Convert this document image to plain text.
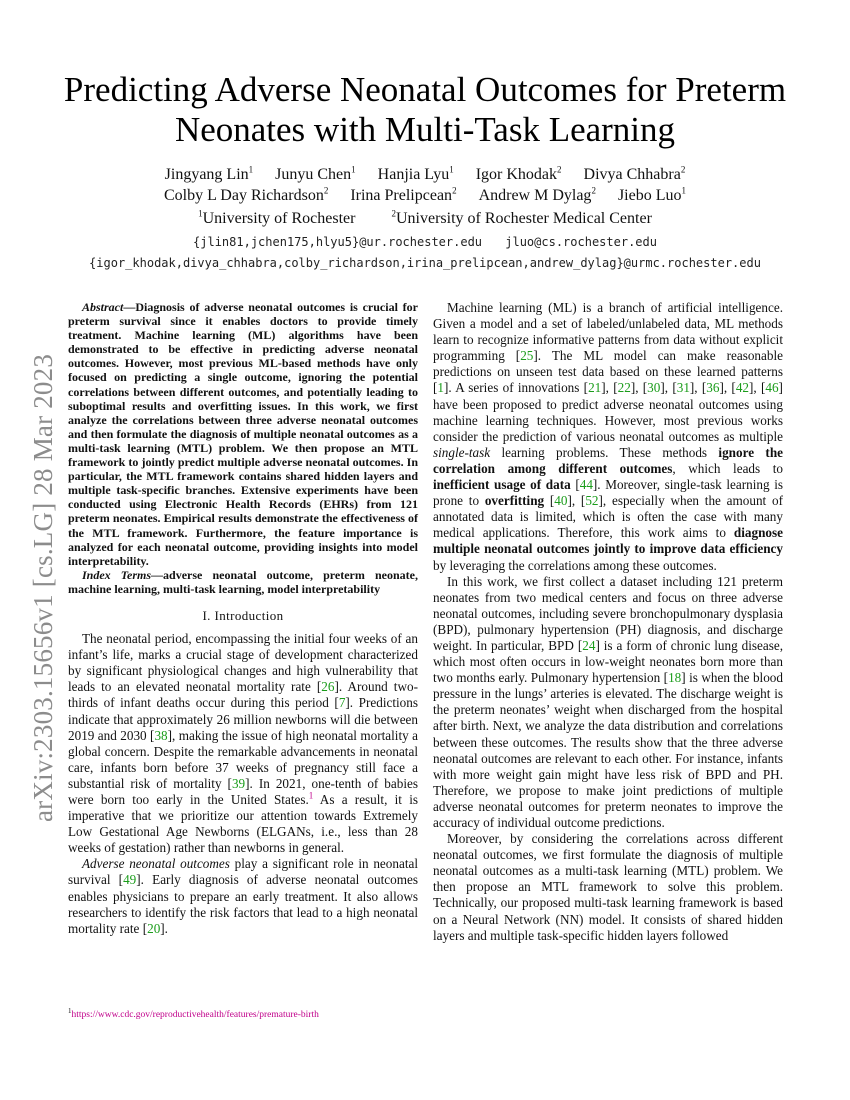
arXiv:2303.15656v1 [cs.LG] 28 Mar 2023
Predicting Adverse Neonatal Outcomes for Preterm Neonates with Multi-Task Learning
Jingyang Lin$^1$ Junyu Chen$^1$ Hanjia Lyu$^1$ Igor Khodak$^2$ Divya Chhabra$^2$
Colby L Day Richardson$^2$ Irina Prelipcean$^2$ Andrew M Dylag$^2$ Jiebo Luo$^1$
$^1$University of Rochester	$^2$University of Rochester Medical Center
{jlin81,jchen175,hlyu5}@ur.rochester.edu jluo@cs.rochester.edu
{igor_khodak,divya_chhabra,colby_richardson,irina_prelipcean,andrew_dylag}@urmc.rochester.edu

Abstract—Diagnosis of adverse neonatal outcomes is crucial for preterm survival since it enables doctors to provide timely treatment. Machine learning (ML) algorithms have been demonstrated to be effective in predicting adverse neonatal outcomes. However, most previous ML-based methods have only focused on predicting a single outcome, ignoring the potential correlations between different outcomes, and potentially leading to suboptimal results and overfitting issues. In this work, we first analyze the correlations between three adverse neonatal outcomes and then formulate the diagnosis of multiple neonatal outcomes as a multi-task learning (MTL) problem. We then propose an MTL framework to jointly predict multiple adverse neonatal outcomes. In particular, the MTL framework contains shared hidden layers and multiple task-specific branches. Extensive experiments have been conducted using Electronic Health Records (EHRs) from 121 preterm neonates. Empirical results demonstrate the effectiveness of the MTL framework. Furthermore, the feature importance is analyzed for each neonatal outcome, providing insights into model interpretability.

Index Terms—adverse neonatal outcome, preterm neonate, machine learning, multi-task learning, model interpretability

I. Introduction

The neonatal period, encompassing the initial four weeks of an infant’s life, marks a crucial stage of development characterized by significant physiological changes and high vulnerability that leads to an elevated neonatal mortality rate [26]. Around two-thirds of infant deaths occur during this period [7]. Predictions indicate that approximately 26 million newborns will die between 2019 and 2030 [38], making the issue of high neonatal mortality a global concern. Despite the remarkable advancements in neonatal care, infants born before 37 weeks of pregnancy still face a substantial risk of mortality [39]. In 2021, one-tenth of babies were born too early in the United States.$^1$ As a result, it is imperative that we prioritize our attention towards Extremely Low Gestational Age Newborns (ELGANs, i.e., less than 28 weeks of gestation) rather than newborns in general.

Adverse neonatal outcomes play a significant role in neonatal survival [49]. Early diagnosis of adverse neonatal outcomes enables physicians to prepare an early treatment. It also allows researchers to identify the risk factors that lead to a high neonatal mortality rate [20].

$^1$https://www.cdc.gov/reproductivehealth/features/premature-birth

Machine learning (ML) is a branch of artificial intelligence. Given a model and a set of labeled/unlabeled data, ML methods learn to recognize informative patterns from data without explicit programming [25]. The ML model can make reasonable predictions on unseen test data based on these learned patterns [1]. A series of innovations [21], [22], [30], [31], [36], [42], [46] have been proposed to predict adverse neonatal outcomes using machine learning techniques. However, most previous works consider the prediction of various neonatal outcomes as multiple single-task learning problems. These methods ignore the correlation among different outcomes, which leads to inefficient usage of data [44]. Moreover, single-task learning is prone to overfitting [40], [52], especially when the amount of annotated data is limited, which is often the case with many medical applications. Therefore, this work aims to diagnose multiple neonatal outcomes jointly to improve data efficiency by leveraging the correlations among these outcomes.

In this work, we first collect a dataset including 121 preterm neonates from two medical centers and focus on three adverse neonatal outcomes, including severe bronchopulmonary dysplasia (BPD), pulmonary hypertension (PH) diagnosis, and discharge weight. In particular, BPD [24] is a form of chronic lung disease, which most often occurs in low-weight neonates born more than two months early. Pulmonary hypertension [18] is when the blood pressure in the lungs’ arteries is elevated. The discharge weight is the preterm neonates’ weight when discharged from the hospital after birth. Next, we analyze the data distribution and correlations between these outcomes. The results show that the three adverse neonatal outcomes are relevant to each other. For instance, infants with more weight gain might have less risk of BPD and PH. Therefore, we propose to make joint predictions of multiple adverse neonatal outcomes for preterm neonates to improve the accuracy of individual outcome predictions.

Moreover, by considering the correlations across different neonatal outcomes, we first formulate the diagnosis of multiple neonatal outcomes as a multi-task learning (MTL) problem. We then propose an MTL framework to solve this problem. Technically, our proposed multi-task learning framework is based on a Neural Network (NN) model. It consists of shared hidden layers and multiple task-specific hidden layers followed
